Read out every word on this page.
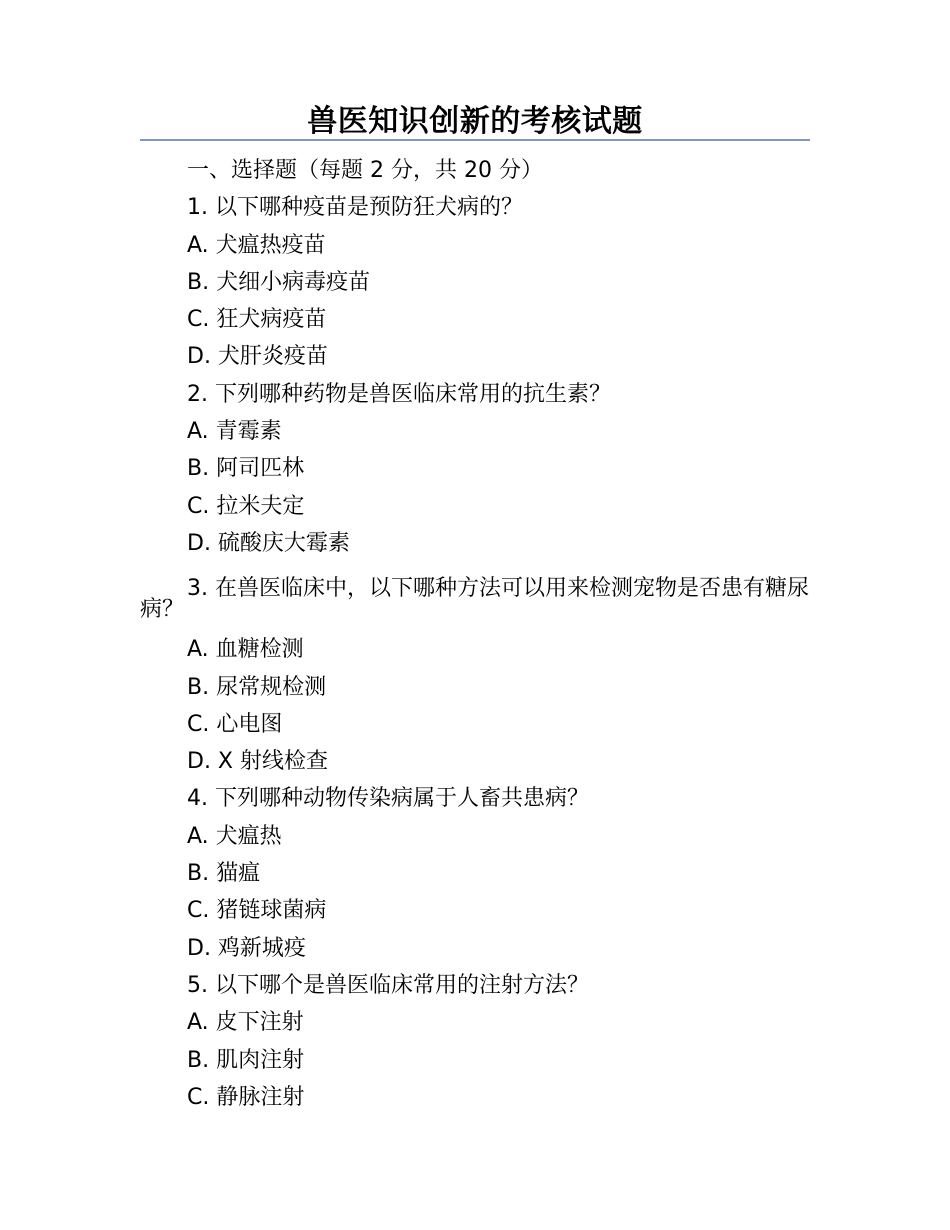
兽医知识创新的考核试题
一、选择题（每题 2 分，共 20 分）
1. 以下哪种疫苗是预防狂犬病的？
A. 犬瘟热疫苗
B. 犬细小病毒疫苗
C. 狂犬病疫苗
D. 犬肝炎疫苗
2. 下列哪种药物是兽医临床常用的抗生素？
A. 青霉素
B. 阿司匹林
C. 拉米夫定
D. 硫酸庆大霉素
3. 在兽医临床中，以下哪种方法可以用来检测宠物是否患有糖尿病？
A. 血糖检测
B. 尿常规检测
C. 心电图
D. X 射线检查
4. 下列哪种动物传染病属于人畜共患病？
A. 犬瘟热
B. 猫瘟
C. 猪链球菌病
D. 鸡新城疫
5. 以下哪个是兽医临床常用的注射方法？
A. 皮下注射
B. 肌肉注射
C. 静脉注射
